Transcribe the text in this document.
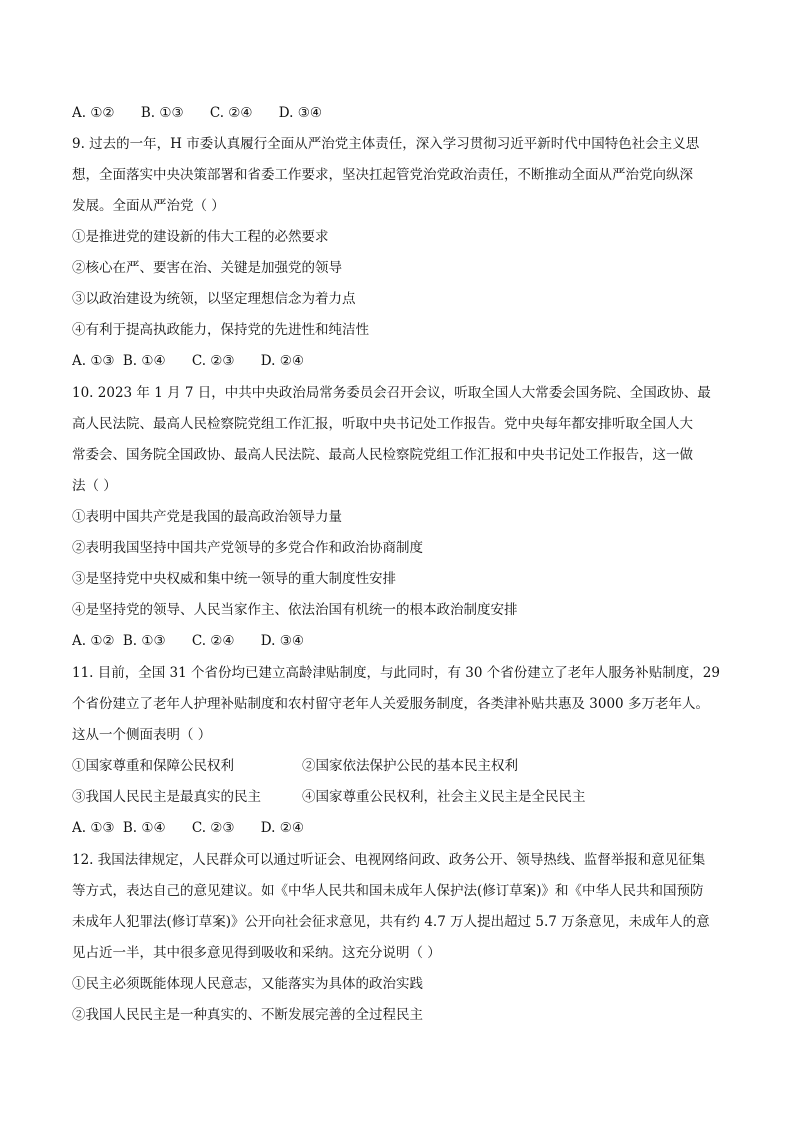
A. ①② B. ①③ C. ②④ D. ③④
9. 过去的一年，H 市委认真履行全面从严治党主体责任，深入学习贯彻习近平新时代中国特色社会主义思
想，全面落实中央决策部署和省委工作要求，坚决扛起管党治党政治责任，不断推动全面从严治党向纵深
发展。全面从严治党（ ）
①是推进党的建设新的伟大工程的必然要求
②核心在严、要害在治、关键是加强党的领导
③以政治建设为统领，以坚定理想信念为着力点
④有利于提高执政能力，保持党的先进性和纯洁性
A. ①③ B. ①④ C. ②③ D. ②④
10. 2023 年 1 月 7 日，中共中央政治局常务委员会召开会议，听取全国人大常委会国务院、全国政协、最
高人民法院、最高人民检察院党组工作汇报，听取中央书记处工作报告。党中央每年都安排听取全国人大
常委会、国务院全国政协、最高人民法院、最高人民检察院党组工作汇报和中央书记处工作报告，这一做
法（ ）
①表明中国共产党是我国的最高政治领导力量
②表明我国坚持中国共产党领导的多党合作和政治协商制度
③是坚持党中央权威和集中统一领导的重大制度性安排
④是坚持党的领导、人民当家作主、依法治国有机统一的根本政治制度安排
A. ①② B. ①③ C. ②④ D. ③④
11. 目前，全国 31 个省份均已建立高龄津贴制度，与此同时，有 30 个省份建立了老年人服务补贴制度，29
个省份建立了老年人护理补贴制度和农村留守老年人关爱服务制度，各类津补贴共惠及 3000 多万老年人。
这从一个侧面表明（ ）
①国家尊重和保障公民权利	②国家依法保护公民的基本民主权利
③我国人民民主是最真实的民主	④国家尊重公民权利，社会主义民主是全民民主
A. ①③ B. ①④ C. ②③ D. ②④
12. 我国法律规定，人民群众可以通过听证会、电视网络问政、政务公开、领导热线、监督举报和意见征集
等方式，表达自己的意见建议。如《中华人民共和国未成年人保护法(修订草案)》和《中华人民共和国预防
未成年人犯罪法(修订草案)》公开向社会征求意见，共有约 4.7 万人提出超过 5.7 万条意见，未成年人的意
见占近一半，其中很多意见得到吸收和采纳。这充分说明（ ）
①民主必须既能体现人民意志，又能落实为具体的政治实践
②我国人民民主是一种真实的、不断发展完善的全过程民主
